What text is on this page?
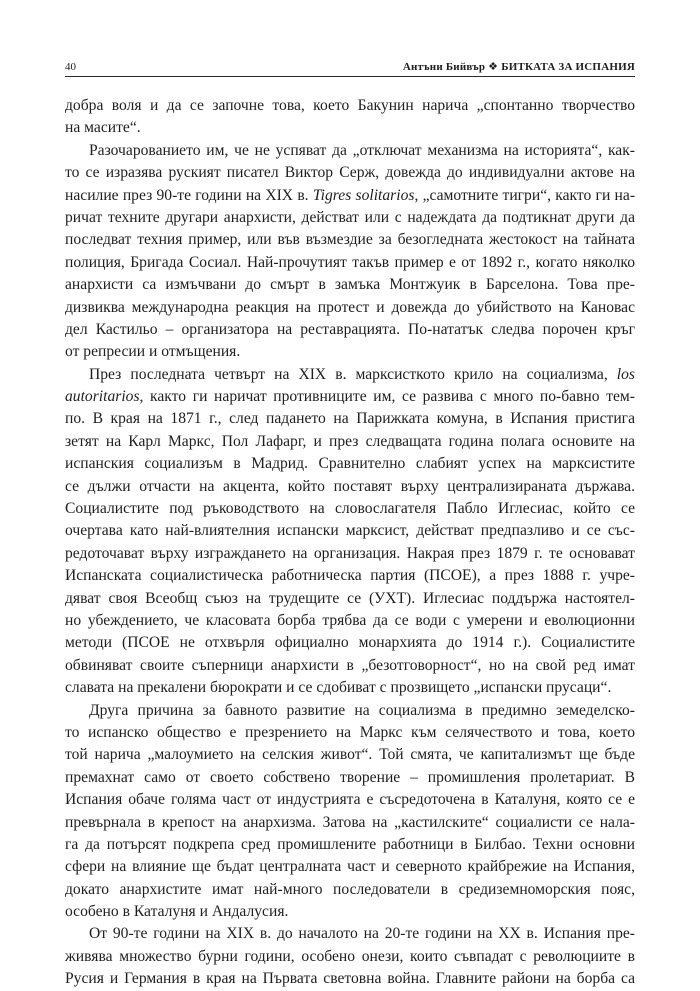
40	Антъни Бийвър ❖ БИТКАТА ЗА ИСПАНИЯ
добра воля и да се започне това, което Бакунин нарича „спонтанно творчество
на масите“.
Разочарованието им, че не успяват да „отключат механизма на историята“, как-
то се изразява руският писател Виктор Серж, довежда до индивидуални актове на
насилие през 90-те години на XIX в. Tigres solitarios, „самотните тигри“, както ги на-
ричат техните другари анархисти, действат или с надеждата да подтикнат други да
последват техния пример, или във възмездие за безогледната жестокост на тайната
полиция, Бригада Сосиал. Най-прочутият такъв пример е от 1892 г., когато няколко
анархисти са измъчвани до смърт в замъка Монтжуик в Барселона. Това пре-
дизвиква международна реакция на протест и довежда до убийството на Кановас
дел Кастильо – организатора на реставрацията. По-нататък следва порочен кръг
от репресии и отмъщения.
През последната четвърт на XIX в. марксисткото крило на социализма, los
autoritarios, както ги наричат противниците им, се развива с много по-бавно тем-
по. В края на 1871 г., след падането на Парижката комуна, в Испания пристига
зетят на Карл Маркс, Пол Лафарг, и през следващата година полага основите на
испанския социализъм в Мадрид. Сравнително слабият успех на марксистите
се дължи отчасти на акцента, който поставят върху централизираната държава.
Социалистите под ръководството на словослагателя Пабло Иглесиас, който се
очертава като най-влиятелния испански марксист, действат предпазливо и се със-
редоточават върху изграждането на организация. Накрая през 1879 г. те основават
Испанската социалистическа работническа партия (ПСОЕ), а през 1888 г. учре-
дяват своя Всеобщ съюз на трудещите се (УХТ). Иглесиас поддържа настоятел-
но убеждението, че класовата борба трябва да се води с умерени и еволюционни
методи (ПСОЕ не отхвърля официално монархията до 1914 г.). Социалистите
обвиняват своите съперници анархисти в „безотговорност“, но на свой ред имат
славата на прекалени бюрократи и се сдобиват с прозвището „испански прусаци“.
Друга причина за бавното развитие на социализма в предимно земеделско-
то испанско общество е презрението на Маркс към селячеството и това, което
той нарича „малоумието на селския живот“. Той смята, че капитализмът ще бъде
премахнат само от своето собствено творение – промишления пролетариат. В
Испания обаче голяма част от индустрията е съсредоточена в Каталуня, която се е
превърнала в крепост на анархизма. Затова на „кастилските“ социалисти се нала-
га да потърсят подкрепа сред промишлените работници в Билбао. Техни основни
сфери на влияние ще бъдат централната част и северното крайбрежие на Испания,
докато анархистите имат най-много последователи в средиземноморския пояс,
особено в Каталуня и Андалусия.
От 90-те години на XIX в. до началото на 20-те години на XX в. Испания пре-
живява множество бурни години, особено онези, които съвпадат с революциите в
Русия и Германия в края на Първата световна война. Главните райони на борба са
